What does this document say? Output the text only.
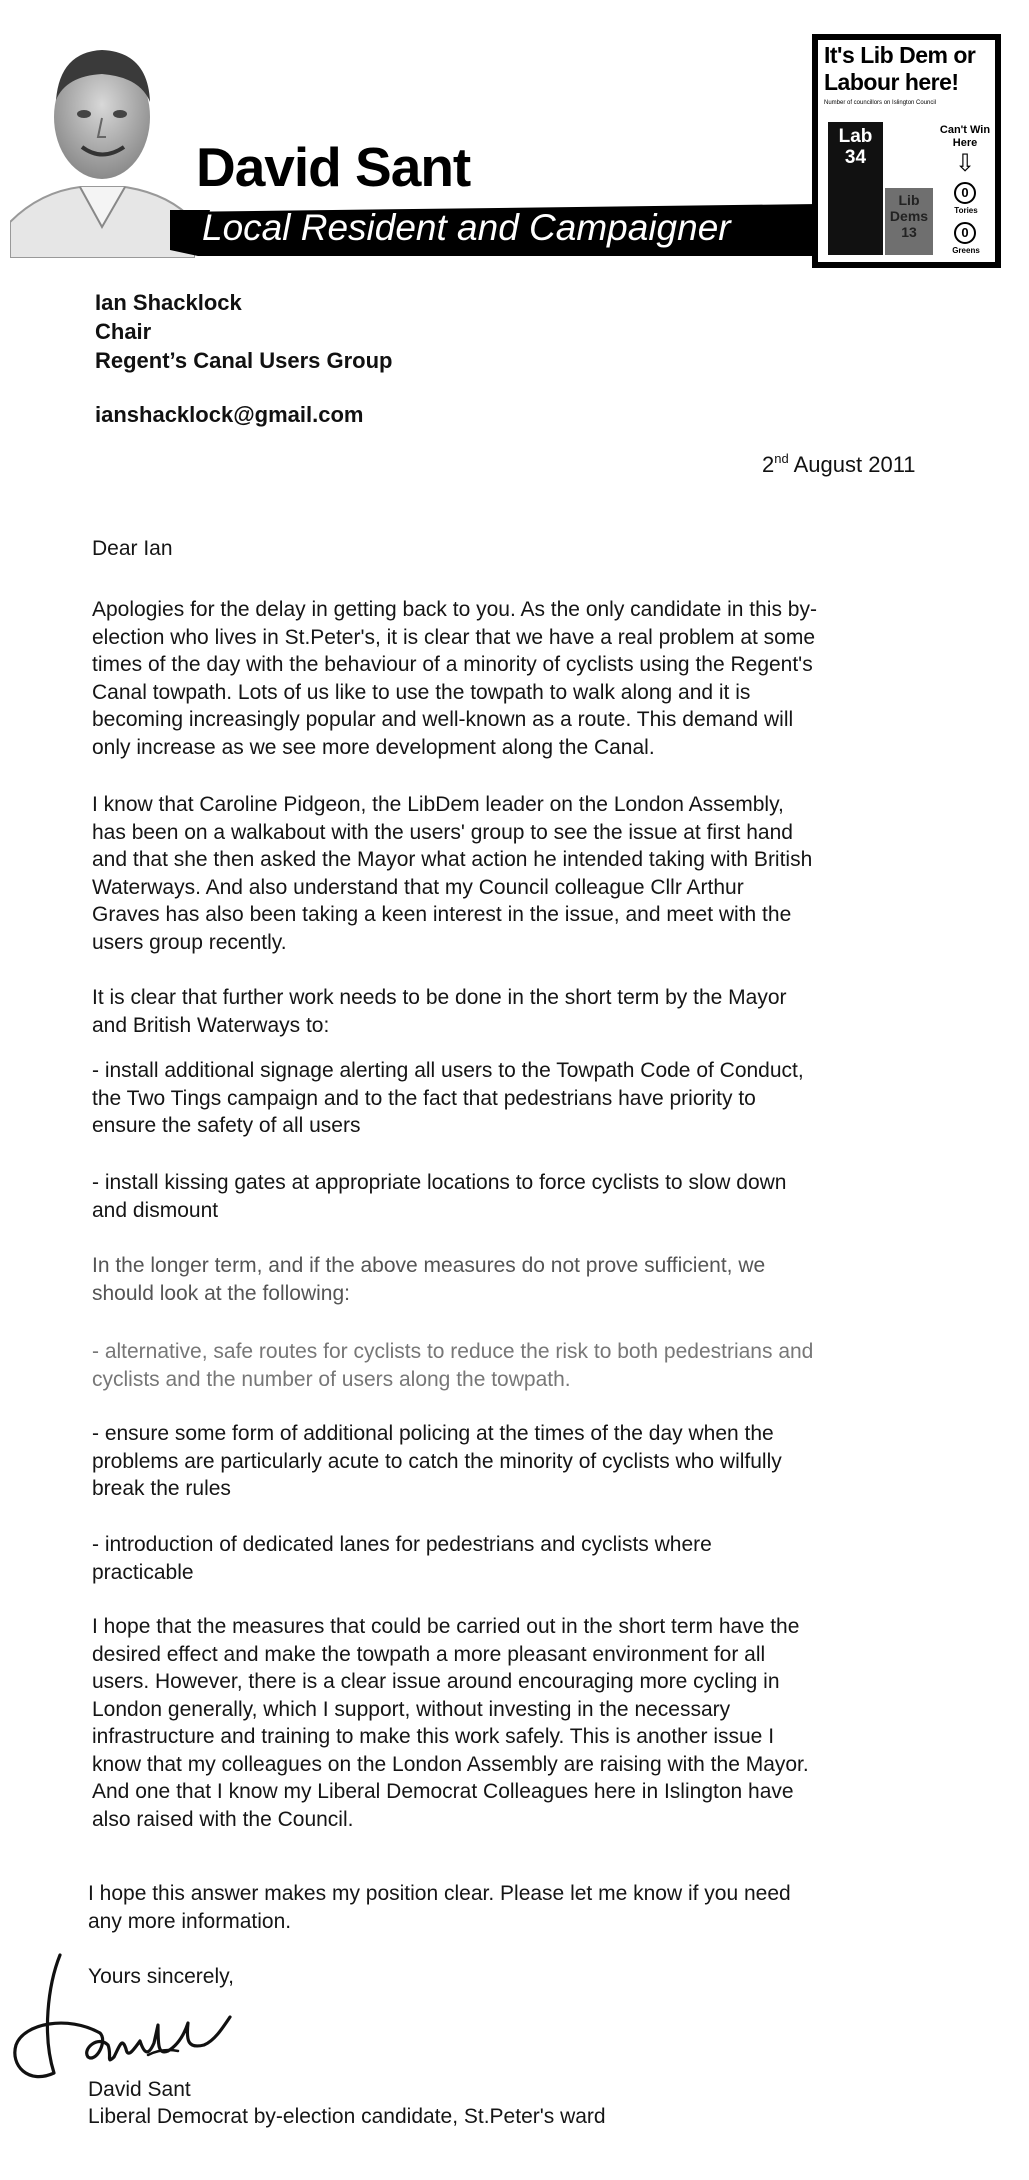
David Sant
Local Resident and Campaigner
It's Lib Dem or
Labour here!
Number of councillors on Islington Council
Lab
34
Lib
Dems
13
Can't Win
Here
⇩
0
Tories
0
Greens
Ian Shacklock
Chair
Regent’s Canal Users Group
ianshacklock@gmail.com
2nd August 2011
Dear Ian
Apologies for the delay in getting back to you. As the only candidate in this by-
election who lives in St.Peter's, it is clear that we have a real problem at some
times of the day with the behaviour of a minority of cyclists using the Regent's
Canal towpath. Lots of us like to use the towpath to walk along and it is
becoming increasingly popular and well-known as a route. This demand will
only increase as we see more development along the Canal.
I know that Caroline Pidgeon, the LibDem leader on the London Assembly,
has been on a walkabout with the users' group to see the issue at first hand
and that she then asked the Mayor what action he intended taking with British
Waterways. And also understand that my Council colleague Cllr Arthur
Graves has also been taking a keen interest in the issue, and meet with the
users group recently.
It is clear that further work needs to be done in the short term by the Mayor
and British Waterways to:
- install additional signage alerting all users to the Towpath Code of Conduct,
the Two Tings campaign and to the fact that pedestrians have priority to
ensure the safety of all users
- install kissing gates at appropriate locations to force cyclists to slow down
and dismount
In the longer term, and if the above measures do not prove sufficient, we
should look at the following:
- alternative, safe routes for cyclists to reduce the risk to both pedestrians and
cyclists and the number of users along the towpath.
- ensure some form of additional policing at the times of the day when the
problems are particularly acute to catch the minority of cyclists who wilfully
break the rules
- introduction of dedicated lanes for pedestrians and cyclists where
practicable
I hope that the measures that could be carried out in the short term have the
desired effect and make the towpath a more pleasant environment for all
users. However, there is a clear issue around encouraging more cycling in
London generally, which I support, without investing in the necessary
infrastructure and training to make this work safely. This is another issue I
know that my colleagues on the London Assembly are raising with the Mayor.
And one that I know my Liberal Democrat Colleagues here in Islington have
also raised with the Council.
I hope this answer makes my position clear. Please let me know if you need
any more information.
Yours sincerely,
David Sant
Liberal Democrat by-election candidate, St.Peter's ward
